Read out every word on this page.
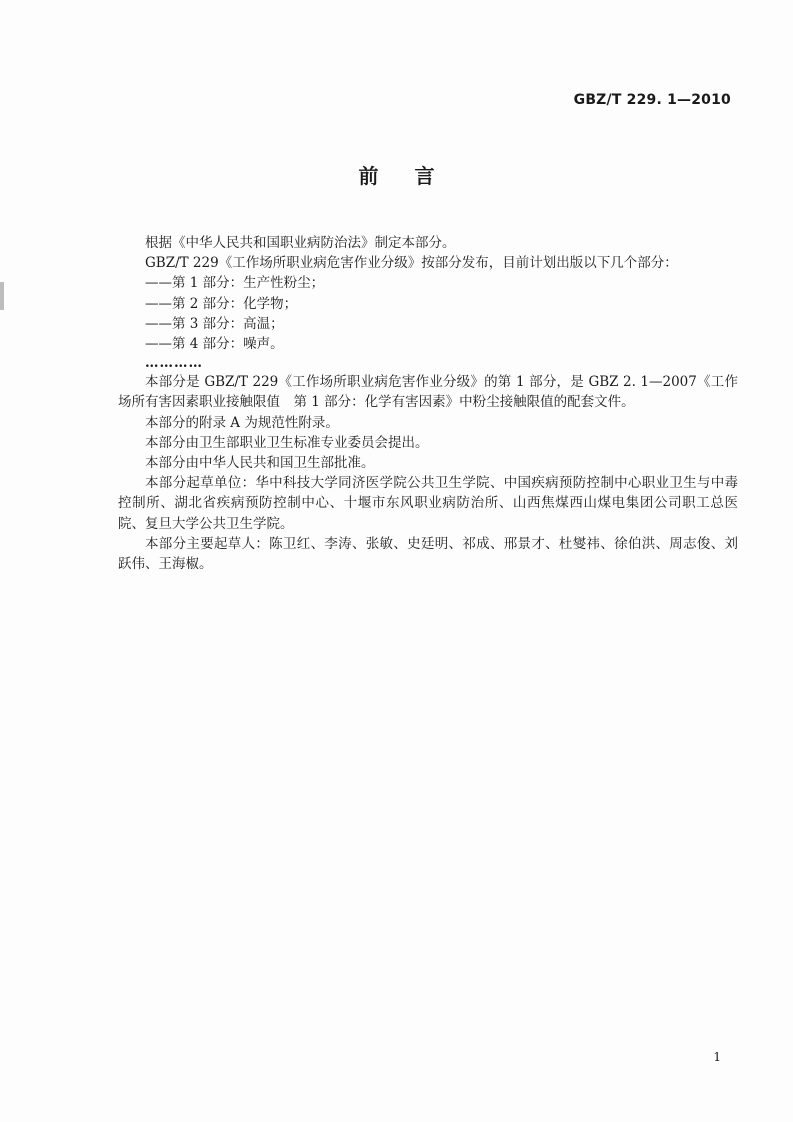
GBZ/T 229. 1—2010
前言

根据《中华人民共和国职业病防治法》制定本部分。

GBZ/T 229《工作场所职业病危害作业分级》按部分发布，目前计划出版以下几个部分：

——第 1 部分：生产性粉尘；

——第 2 部分：化学物；

——第 3 部分：高温；

——第 4 部分：噪声。

…………

本部分是 GBZ/T 229《工作场所职业病危害作业分级》的第 1 部分，是 GBZ 2. 1—2007《工作场所有害因素职业接触限值　第 1 部分：化学有害因素》中粉尘接触限值的配套文件。

本部分的附录 A 为规范性附录。

本部分由卫生部职业卫生标准专业委员会提出。

本部分由中华人民共和国卫生部批准。

本部分起草单位：华中科技大学同济医学院公共卫生学院、中国疾病预防控制中心职业卫生与中毒控制所、湖北省疾病预防控制中心、十堰市东风职业病防治所、山西焦煤西山煤电集团公司职工总医院、复旦大学公共卫生学院。

本部分主要起草人：陈卫红、李涛、张敏、史廷明、祁成、邢景才、杜燮祎、徐伯洪、周志俊、刘跃伟、王海椒。

1
